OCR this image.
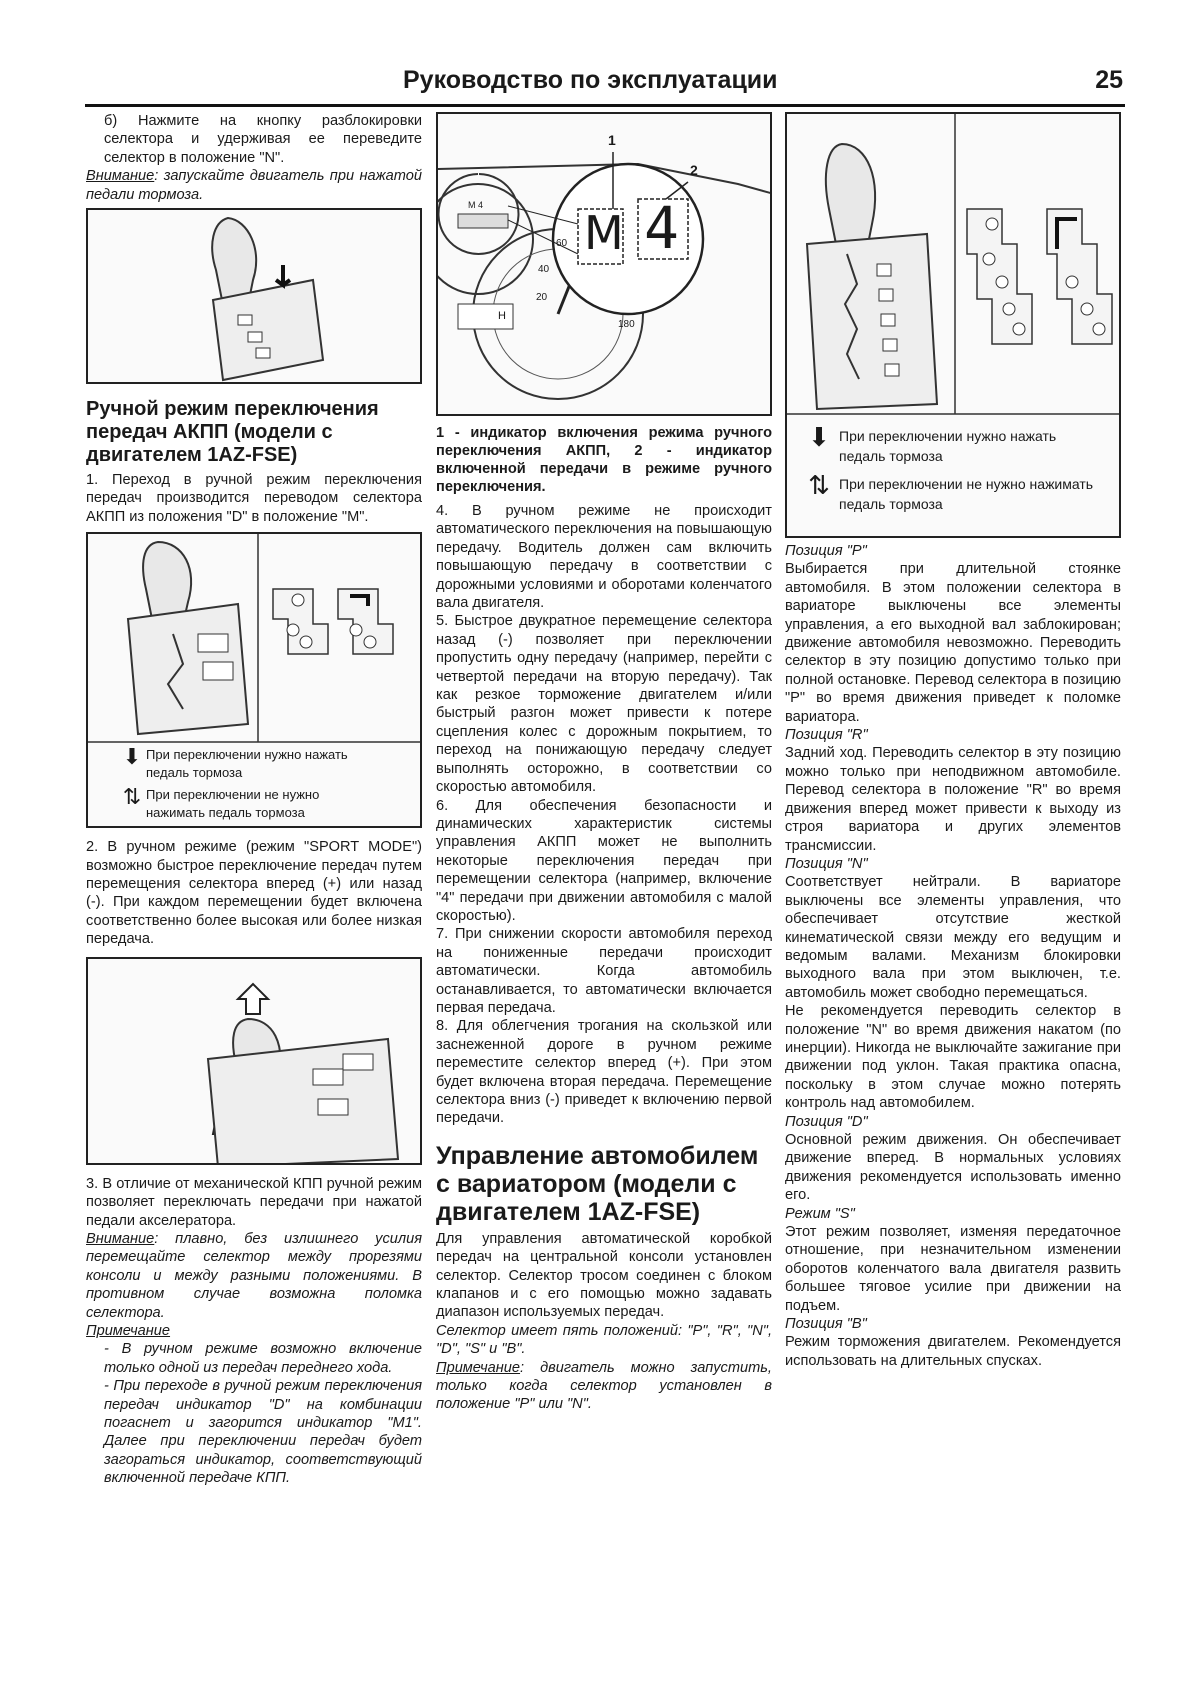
Руководство по эксплуатации	25

б) Нажмите на кнопку разблокировки селектора и удерживая ее переведите селектор в положение "N".

Внимание: запускайте двигатель при нажатой педали тормоза.

Ручной режим переключения передач АКПП (модели с двигателем 1AZ-FSE)

1. Переход в ручной режим переключения передач производится переводом селектора АКПП из положения "D" в положение "M".

⬇ При переключении нужно нажать педаль тормоза
⇅ При переключении не нужно нажимать педаль тормоза

2. В ручном режиме (режим "SPORT MODE") возможно быстрое переключение передач путем перемещения селектора вперед (+) или назад (-). При каждом перемещении будет включена соответственно более высокая или более низкая передача.

3. В отличие от механической КПП ручной режим позволяет переключать передачи при нажатой педали акселератора.

Внимание: плавно, без излишнего усилия перемещайте селектор между прорезями консоли и между разными положениями. В противном случае возможна поломка селектора.

Примечание

- В ручном режиме возможно включение только одной из передач переднего хода.

- При переходе в ручной режим переключения передач индикатор "D" на комбинации погаснет и загорится индикатор "M1". Далее при переключении передач будет загораться индикатор, соответствующий включенной передаче КПП.

1
2
M 4
60
40
20
180
M 4
H

1 - индикатор включения режима ручного переключения АКПП, 2 - индикатор включенной передачи в режиме ручного переключения.

4. В ручном режиме не происходит автоматического переключения на повышающую передачу. Водитель должен сам включить повышающую передачу в соответствии с дорожными условиями и оборотами коленчатого вала двигателя.

5. Быстрое двукратное перемещение селектора назад (-) позволяет при переключении пропустить одну передачу (например, перейти с четвертой передачи на вторую передачу). Так как резкое торможение двигателем и/или быстрый разгон может привести к потере сцепления колес с дорожным покрытием, то переход на понижающую передачу следует выполнять осторожно, в соответствии со скоростью автомобиля.

6. Для обеспечения безопасности и динамических характеристик системы управления АКПП может не выполнить некоторые переключения передач при перемещении селектора (например, включение "4" передачи при движении автомобиля с малой скоростью).

7. При снижении скорости автомобиля переход на пониженные передачи происходит автоматически. Когда автомобиль останавливается, то автоматически включается первая передача.

8. Для облегчения трогания на скользкой или заснеженной дороге в ручном режиме переместите селектор вперед (+). При этом будет включена вторая передача. Перемещение селектора вниз (-) приведет к включению первой передачи.

Управление автомобилем с вариатором (модели с двигателем 1AZ-FSE)

Для управления автоматической коробкой передач на центральной консоли установлен селектор. Селектор тросом соединен с блоком клапанов и с его помощью можно задавать диапазон используемых передач.

Селектор имеет пять положений: "P", "R", "N", "D", "S" и "B".

Примечание: двигатель можно запустить, только когда селектор установлен в положение "P" или "N".

⬇ При переключении нужно нажать педаль тормоза
⇅ При переключении не нужно нажимать педаль тормоза

Позиция "P"

Выбирается при длительной стоянке автомобиля. В этом положении селектора в вариаторе выключены все элементы управления, а его выходной вал заблокирован; движение автомобиля невозможно. Переводить селектор в эту позицию допустимо только при полной остановке. Перевод селектора в позицию "P" во время движения приведет к поломке вариатора.

Позиция "R"

Задний ход. Переводить селектор в эту позицию можно только при неподвижном автомобиле. Перевод селектора в положение "R" во время движения вперед может привести к выходу из строя вариатора и других элементов трансмиссии.

Позиция "N"

Соответствует нейтрали. В вариаторе выключены все элементы управления, что обеспечивает отсутствие жесткой кинематической связи между его ведущим и ведомым валами. Механизм блокировки выходного вала при этом выключен, т.е. автомобиль может свободно перемещаться.

Не рекомендуется переводить селектор в положение "N" во время движения накатом (по инерции). Никогда не выключайте зажигание при движении под уклон. Такая практика опасна, поскольку в этом случае можно потерять контроль над автомобилем.

Позиция "D"

Основной режим движения. Он обеспечивает движение вперед. В нормальных условиях движения рекомендуется использовать именно его.

Режим "S"

Этот режим позволяет, изменяя передаточное отношение, при незначительном изменении оборотов коленчатого вала двигателя развить большее тяговое усилие при движении на подъем.

Позиция "B"

Режим торможения двигателем. Рекомендуется использовать на длительных спусках.
